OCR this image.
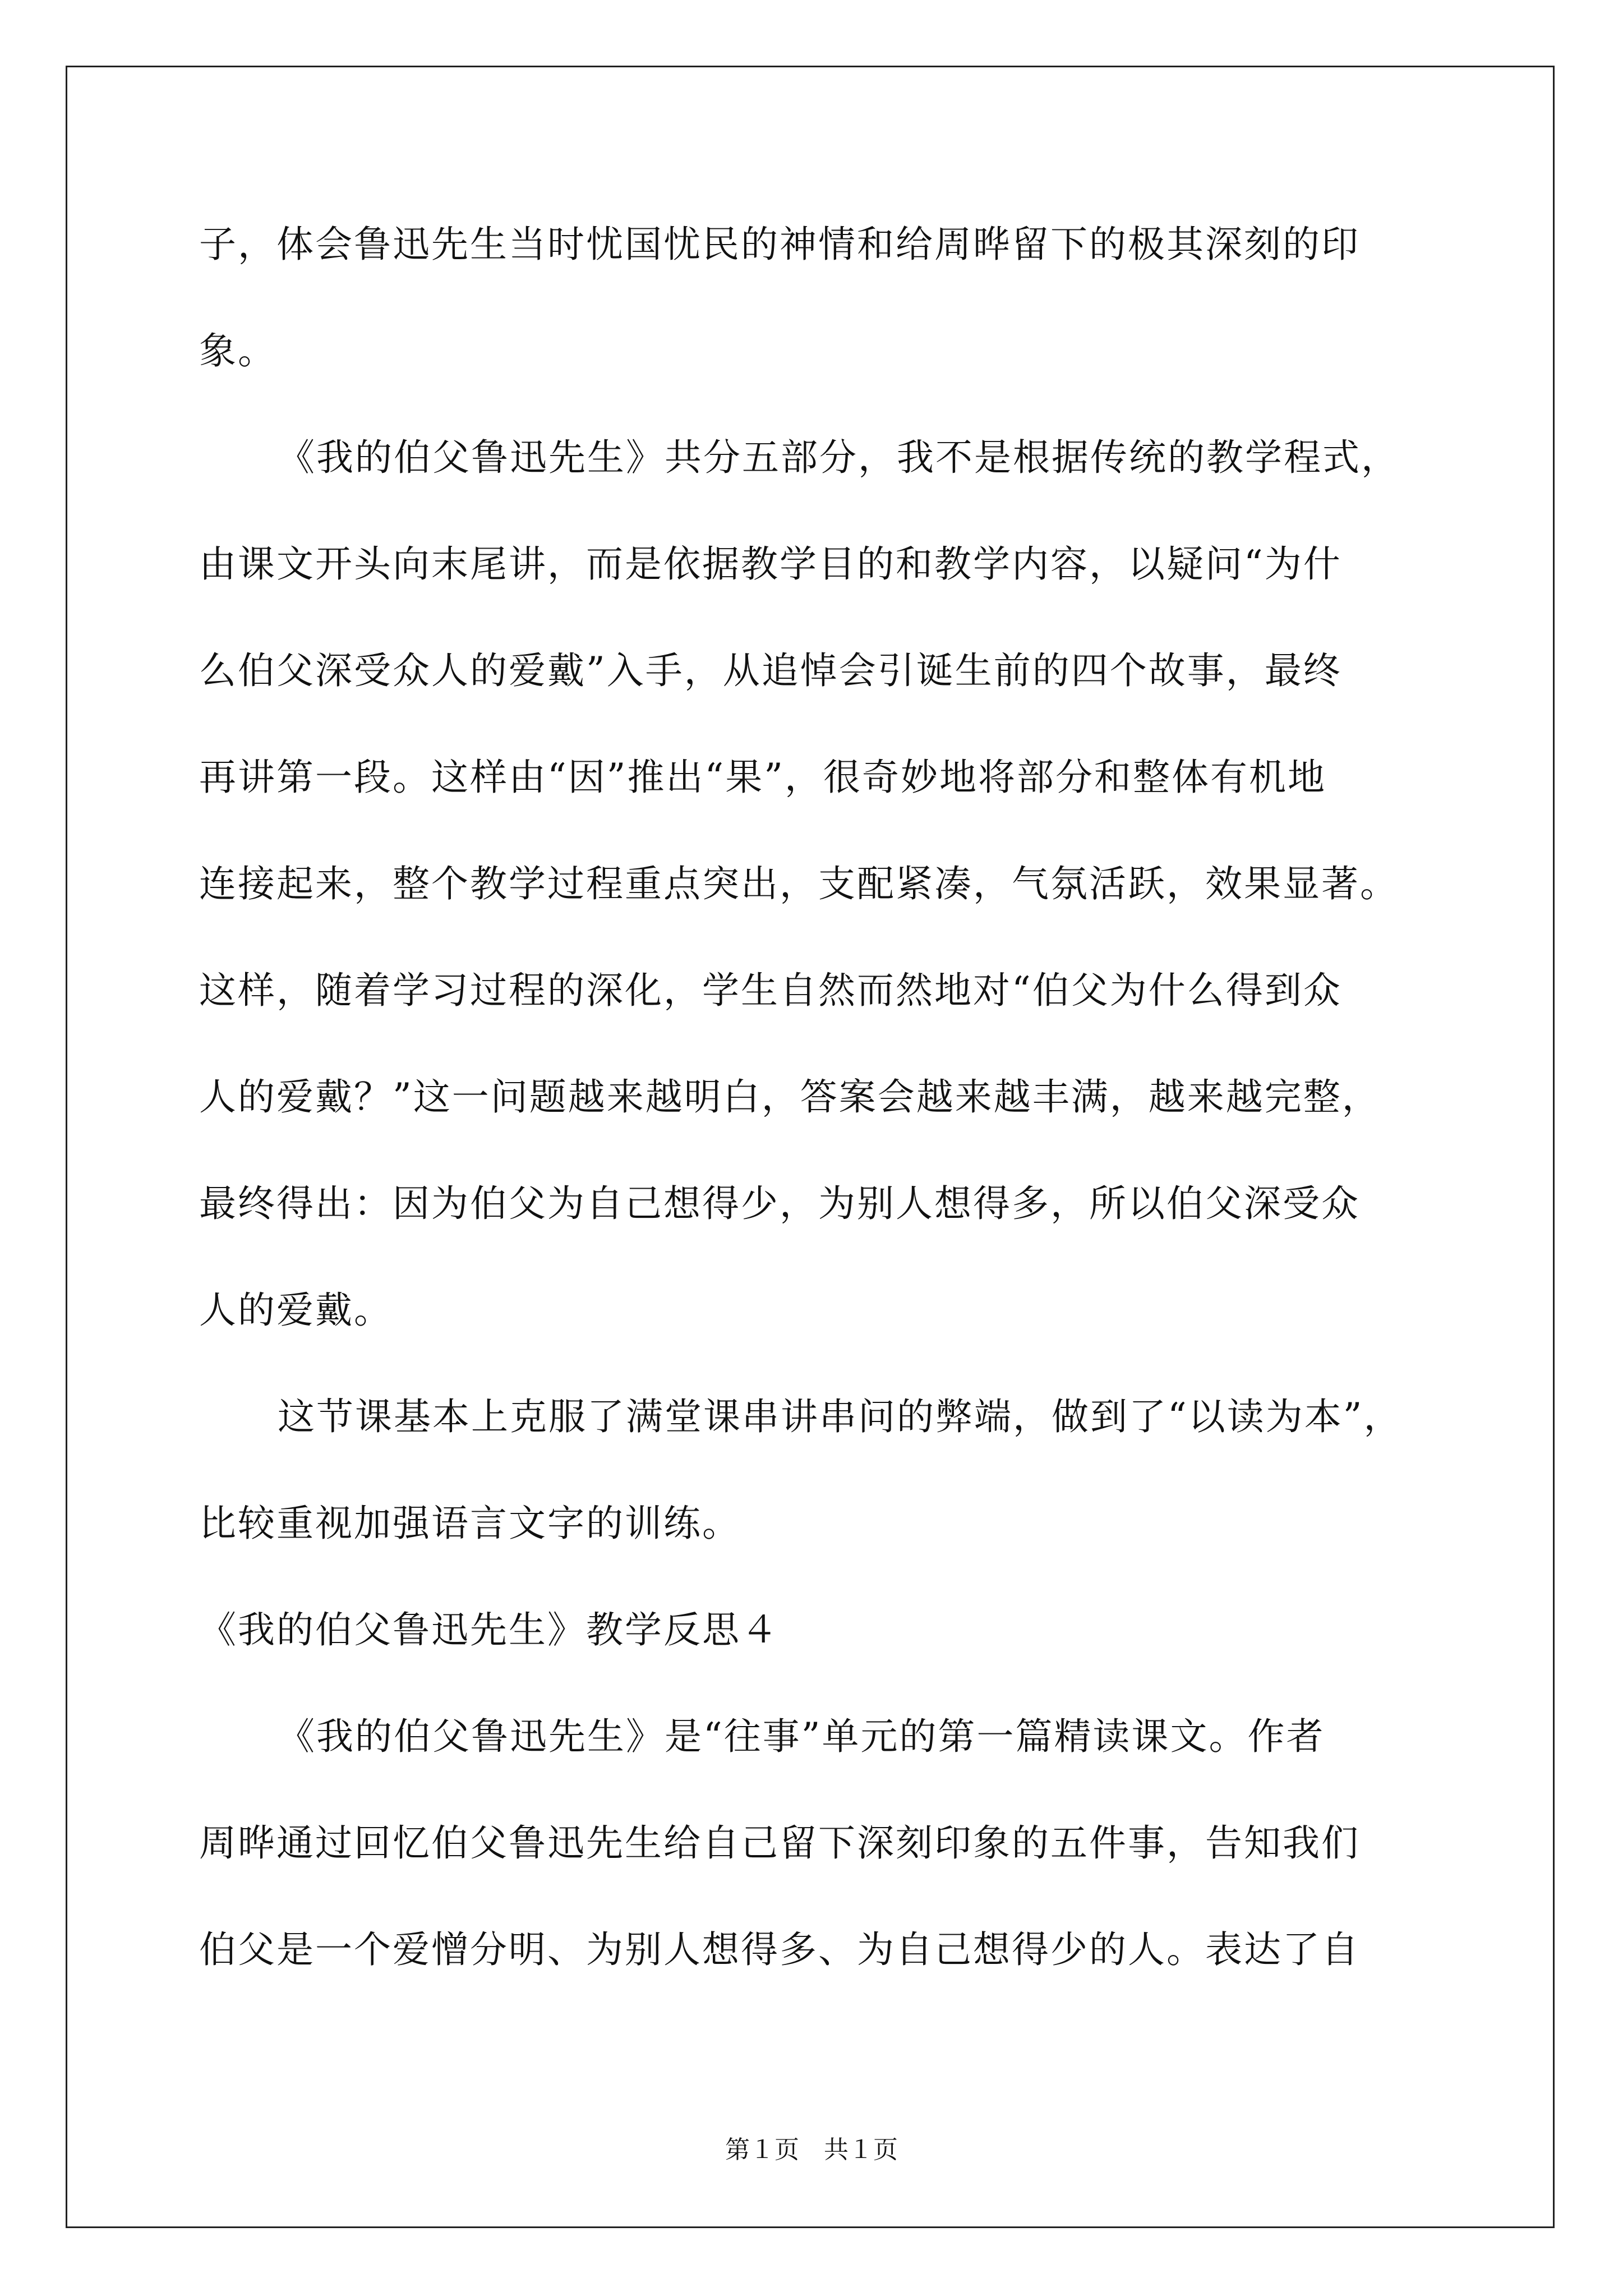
子，体会鲁迅先生当时忧国忧民的神情和给周晔留下的极其深刻的印
象。
《我的伯父鲁迅先生》共分五部分，我不是根据传统的教学程式，
由课文开头向末尾讲，而是依据教学目的和教学内容，以疑问“为什
么伯父深受众人的爱戴”入手，从追悼会引诞生前的四个故事，最终
再讲第一段。这样由“因”推出“果”，很奇妙地将部分和整体有机地
连接起来，整个教学过程重点突出，支配紧凑，气氛活跃，效果显著。
这样，随着学习过程的深化，学生自然而然地对“伯父为什么得到众
人的爱戴？”这一问题越来越明白，答案会越来越丰满，越来越完整，
最终得出：因为伯父为自己想得少，为别人想得多，所以伯父深受众
人的爱戴。
这节课基本上克服了满堂课串讲串问的弊端，做到了“以读为本”，
比较重视加强语言文字的训练。
《我的伯父鲁迅先生》教学反思４
《我的伯父鲁迅先生》是“往事”单元的第一篇精读课文。作者
周晔通过回忆伯父鲁迅先生给自己留下深刻印象的五件事，告知我们
伯父是一个爱憎分明、为别人想得多、为自己想得少的人。表达了自
第１页　共１页
